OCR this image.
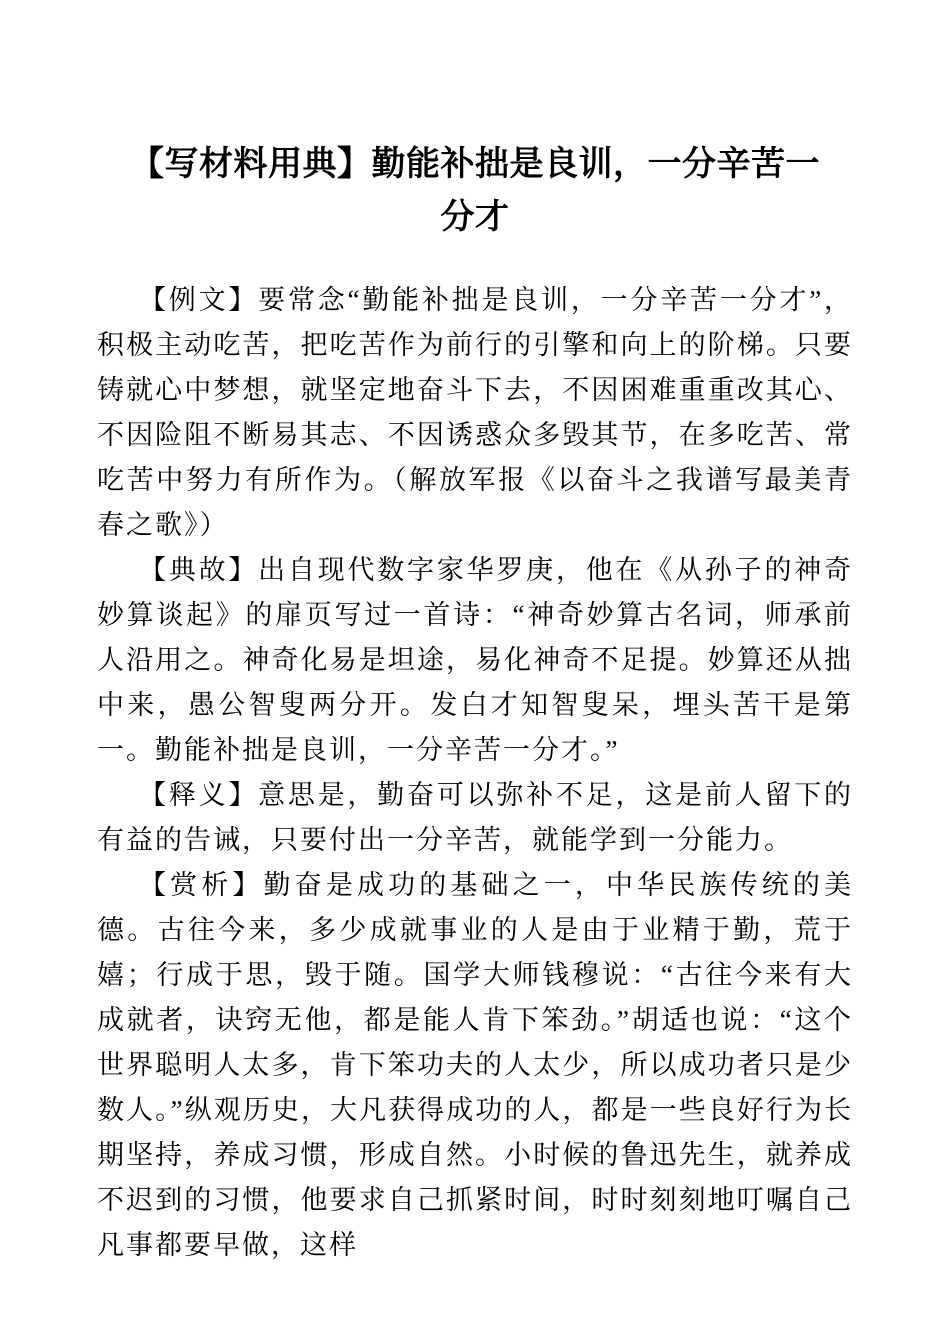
【写材料用典】勤能补拙是良训，一分辛苦一分才

【例文】要常念“勤能补拙是良训，一分辛苦一分才”，积极主动吃苦，把吃苦作为前行的引擎和向上的阶梯。只要铸就心中梦想，就坚定地奋斗下去，不因困难重重改其心、不因险阻不断易其志、不因诱惑众多毁其节，在多吃苦、常吃苦中努力有所作为。（解放军报《以奋斗之我谱写最美青春之歌》）

【典故】出自现代数字家华罗庚，他在《从孙子的神奇妙算谈起》的扉页写过一首诗：“神奇妙算古名词，师承前人沿用之。神奇化易是坦途，易化神奇不足提。妙算还从拙中来，愚公智叟两分开。发白才知智叟呆，埋头苦干是第一。勤能补拙是良训，一分辛苦一分才。”

【释义】意思是，勤奋可以弥补不足，这是前人留下的有益的告诫，只要付出一分辛苦，就能学到一分能力。

【赏析】勤奋是成功的基础之一，中华民族传统的美德。古往今来，多少成就事业的人是由于业精于勤，荒于嬉；行成于思，毁于随。国学大师钱穆说：“古往今来有大成就者，诀窍无他，都是能人肯下笨劲。”胡适也说：“这个世界聪明人太多，肯下笨功夫的人太少，所以成功者只是少数人。”纵观历史，大凡获得成功的人，都是一些良好行为长期坚持，养成习惯，形成自然。小时候的鲁迅先生，就养成不迟到的习惯，他要求自己抓紧时间，时时刻刻地叮嘱自己凡事都要早做，这样
